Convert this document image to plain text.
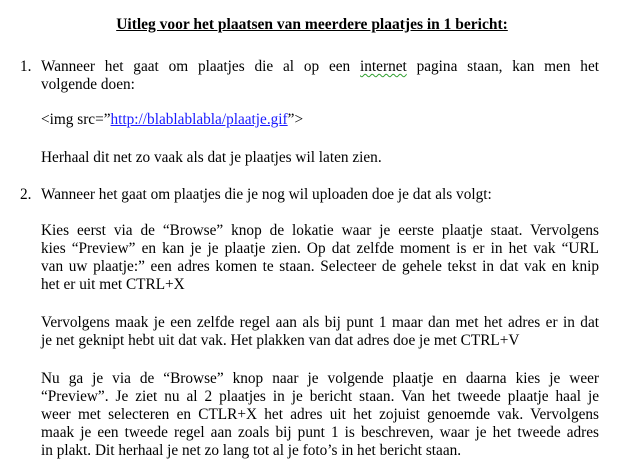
Uitleg voor het plaatsen van meerdere plaatjes in 1 bericht:
1. Wanneer het gaat om plaatjes die al op een internet pagina staan, kan men het
volgende doen:
<img src=”http://blablablabla/plaatje.gif”>
Herhaal dit net zo vaak als dat je plaatjes wil laten zien.
2. Wanneer het gaat om plaatjes die je nog wil uploaden doe je dat als volgt:
Kies eerst via de “Browse” knop de lokatie waar je eerste plaatje staat. Vervolgens
kies “Preview” en kan je je plaatje zien. Op dat zelfde moment is er in het vak “URL
van uw plaatje:” een adres komen te staan. Selecteer de gehele tekst in dat vak en knip
het er uit met CTRL+X
Vervolgens maak je een zelfde regel aan als bij punt 1 maar dan met het adres er in dat
je net geknipt hebt uit dat vak. Het plakken van dat adres doe je met CTRL+V
Nu ga je via de “Browse” knop naar je volgende plaatje en daarna kies je weer
“Preview”. Je ziet nu al 2 plaatjes in je bericht staan. Van het tweede plaatje haal je
weer met selecteren en CTLR+X het adres uit het zojuist genoemde vak. Vervolgens
maak je een tweede regel aan zoals bij punt 1 is beschreven, waar je het tweede adres
in plakt. Dit herhaal je net zo lang tot al je foto’s in het bericht staan.
